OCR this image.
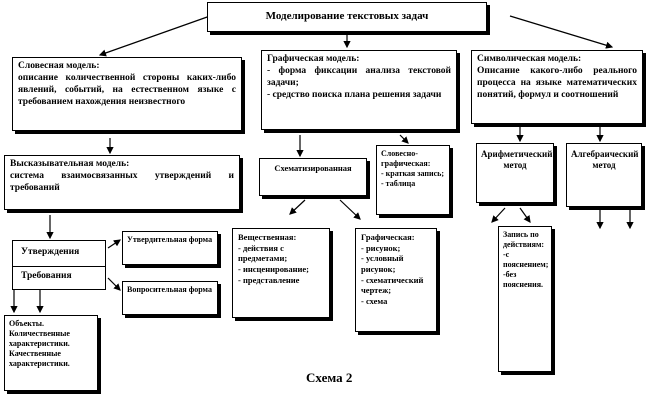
Моделирование текстовых задач
Словесная модель:
описание количественной стороны каких-либо явлений, событий, на естественном языке с требованием нахождения неизвестного
Графическая модель:
- форма фиксации анализа текстовой задачи;
- средство поиска плана решения задачи
Символическая модель:
Описание какого-либо реального процесса на языке математических понятий, формул и соотношений
Высказывательная модель:
система взаимосвязанных утверждений и требований
Утверждения
Требования
Утвердительная форма
Вопросительная форма
Объекты. Количественные характеристики. Качественные характеристики.
Схематизированная
Словесно-графическая:
- краткая запись;
- таблица
Вещественная:
- действия с предметами;
- инсценирование;
- представление
Графическая:
- рисунок;
- условный рисунок;
- схематический чертеж;
- схема
Арифметический метод
Алгебраический метод
Запись по действиям:
-с пояснением;
-без пояснения.
Схема 2
